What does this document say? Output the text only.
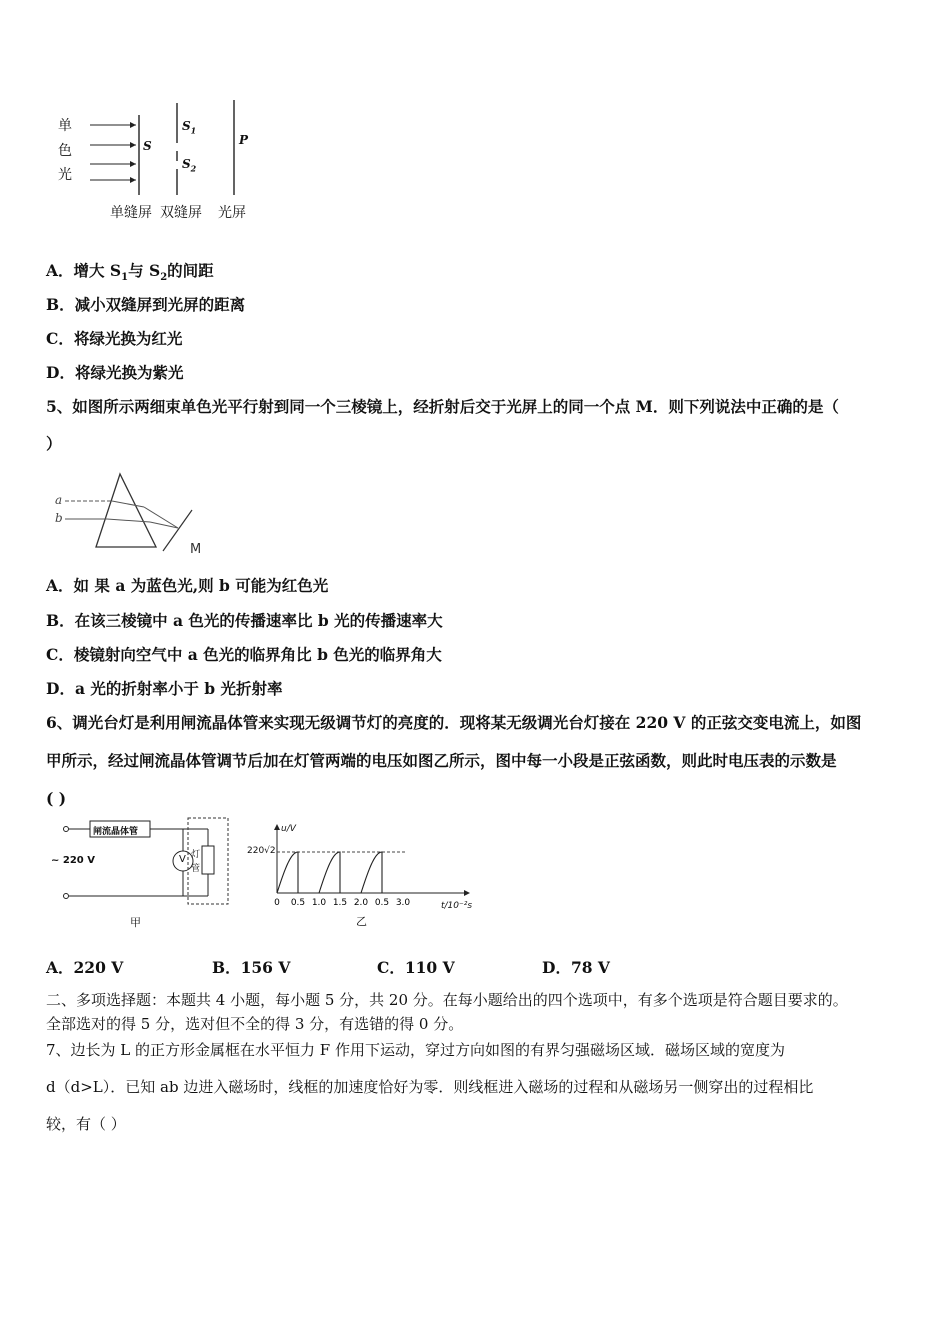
单
色
光
S
$S_1$
$S_2$
P
单缝屏 双缝屏 光屏
A．增大 $S_1$与 $S_2$的间距
B．减小双缝屏到光屏的距离
C．将绿光换为红光
D．将绿光换为紫光
5、如图所示两细束单色光平行射到同一个三棱镜上，经折射后交于光屏上的同一个点 M．则下列说法中正确的是（
）
a
b
M
A．如 果 a 为蓝色光,则 b 可能为红色光
B．在该三棱镜中 a 色光的传播速率比 b 光的传播速率大
C．棱镜射向空气中 a 色光的临界角比 b 色光的临界角大
D．a 光的折射率小于 b 光折射率
6、调光台灯是利用闸流晶体管来实现无级调节灯的亮度的．现将某无级调光台灯接在 220 V 的正弦交变电流上，如图
甲所示，经过闸流晶体管调节后加在灯管两端的电压如图乙所示，图中每一小段是正弦函数，则此时电压表的示数是
( )
闸流晶体管
~ 220 V	V 灯
管
甲
0 0.5 1.0 1.5 2.0 0.5 3.0
u/V
220√2
t/10⁻²s
乙
A．220 V	B．156 V	C．110 V	D．78 V
二、多项选择题：本题共 4 小题，每小题 5 分，共 20 分。在每小题给出的四个选项中，有多个选项是符合题目要求的。
全部选对的得 5 分，选对但不全的得 3 分，有选错的得 0 分。
7、边长为 L 的正方形金属框在水平恒力 F 作用下运动，穿过方向如图的有界匀强磁场区域．磁场区域的宽度为
d（d>L）．已知 ab 边进入磁场时，线框的加速度恰好为零．则线框进入磁场的过程和从磁场另一侧穿出的过程相比
较，有（ ）
